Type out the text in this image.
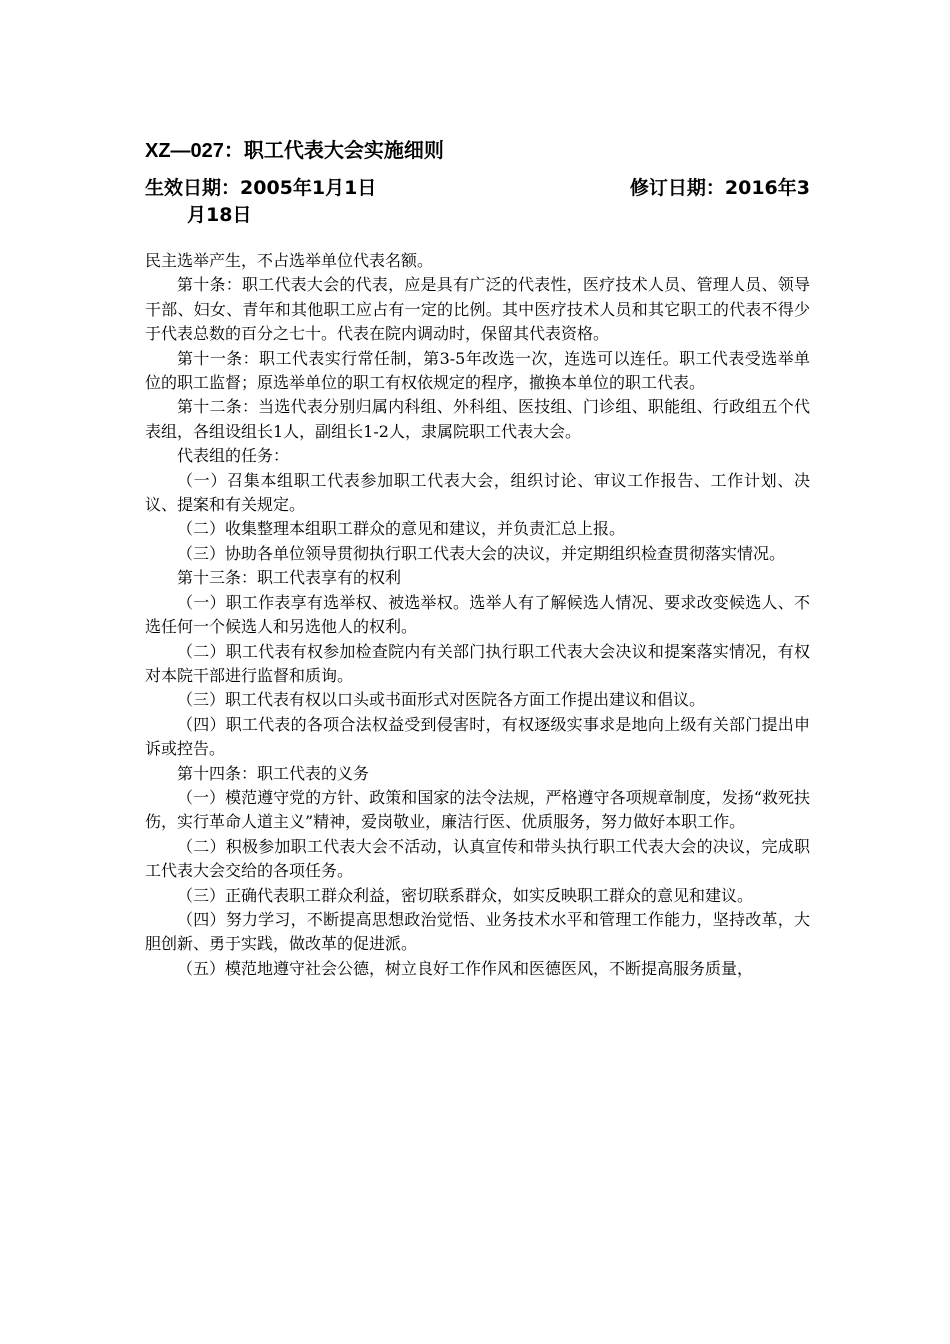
XZ—027：职工代表大会实施细则
生效日期：2005年1月1日	修订日期：2016年3
月18日

民主选举产生，不占选举单位代表名额。

第十条：职工代表大会的代表，应是具有广泛的代表性，医疗技术人员、管理人员、领导干部、妇女、青年和其他职工应占有一定的比例。其中医疗技术人员和其它职工的代表不得少于代表总数的百分之七十。代表在院内调动时，保留其代表资格。

第十一条：职工代表实行常任制，第3-5年改选一次，连选可以连任。职工代表受选举单位的职工监督；原选举单位的职工有权依规定的程序，撤换本单位的职工代表。

第十二条：当选代表分别归属内科组、外科组、医技组、门诊组、职能组、行政组五个代表组，各组设组长1人，副组长1-2人，隶属院职工代表大会。

代表组的任务：

（一）召集本组职工代表参加职工代表大会，组织讨论、审议工作报告、工作计划、决议、提案和有关规定。

（二）收集整理本组职工群众的意见和建议，并负责汇总上报。

（三）协助各单位领导贯彻执行职工代表大会的决议，并定期组织检查贯彻落实情况。

第十三条：职工代表享有的权利

（一）职工作表享有选举权、被选举权。选举人有了解候选人情况、要求改变候选人、不选任何一个候选人和另选他人的权利。

（二）职工代表有权参加检查院内有关部门执行职工代表大会决议和提案落实情况，有权对本院干部进行监督和质询。

（三）职工代表有权以口头或书面形式对医院各方面工作提出建议和倡议。

（四）职工代表的各项合法权益受到侵害时，有权逐级实事求是地向上级有关部门提出申诉或控告。

第十四条：职工代表的义务

（一）模范遵守党的方针、政策和国家的法令法规，严格遵守各项规章制度，发扬“救死扶伤，实行革命人道主义”精神，爱岗敬业，廉洁行医、优质服务，努力做好本职工作。

（二）积极参加职工代表大会不活动，认真宣传和带头执行职工代表大会的决议，完成职工代表大会交给的各项任务。

（三）正确代表职工群众利益，密切联系群众，如实反映职工群众的意见和建议。

（四）努力学习，不断提高思想政治觉悟、业务技术水平和管理工作能力，坚持改革，大胆创新、勇于实践，做改革的促进派。

（五）模范地遵守社会公德，树立良好工作作风和医德医风，不断提高服务质量，
